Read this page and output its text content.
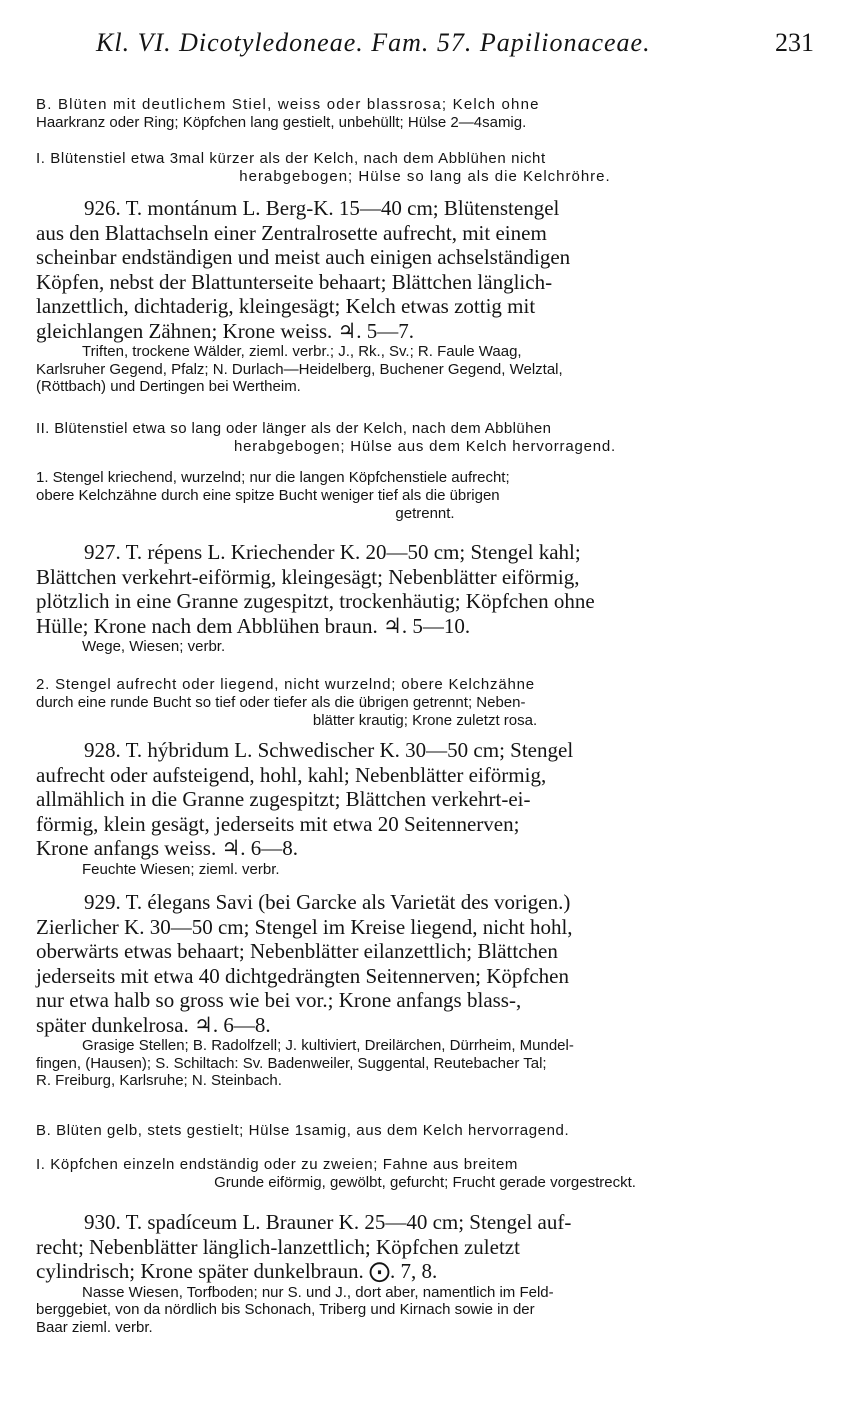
Kl. VI. Dicotyledoneae. Fam. 57. Papilionaceae.	231

B. Blüten mit deutlichem Stiel, weiss oder blassrosa; Kelch ohne

Haarkranz oder Ring; Köpfchen lang gestielt, unbehüllt; Hülse 2—4samig.

I. Blütenstiel etwa 3mal kürzer als der Kelch, nach dem Abblühen nicht

herabgebogen; Hülse so lang als die Kelchröhre.

926. T. montánum L. Berg-K. 15—40 cm; Blütenstengel

aus den Blattachseln einer Zentralrosette aufrecht, mit einem

scheinbar endständigen und meist auch einigen achselständigen

Köpfen, nebst der Blattunterseite behaart; Blättchen länglich-

lanzettlich, dichtaderig, kleingesägt; Kelch etwas zottig mit

gleichlangen Zähnen; Krone weiss. ♃. 5—7.

Triften, trockene Wälder, zieml. verbr.; J., Rk., Sv.; R. Faule Waag,

Karlsruher Gegend, Pfalz; N. Durlach—Heidelberg, Buchener Gegend, Welztal,

(Röttbach) und Dertingen bei Wertheim.

II. Blütenstiel etwa so lang oder länger als der Kelch, nach dem Abblühen

herabgebogen; Hülse aus dem Kelch hervorragend.

1. Stengel kriechend, wurzelnd; nur die langen Köpfchenstiele aufrecht;

obere Kelchzähne durch eine spitze Bucht weniger tief als die übrigen

getrennt.

927. T. répens L. Kriechender K. 20—50 cm; Stengel kahl;

Blättchen verkehrt-eiförmig, kleingesägt; Nebenblätter eiförmig,

plötzlich in eine Granne zugespitzt, trockenhäutig; Köpfchen ohne

Hülle; Krone nach dem Abblühen braun. ♃. 5—10.

Wege, Wiesen; verbr.

2. Stengel aufrecht oder liegend, nicht wurzelnd; obere Kelchzähne

durch eine runde Bucht so tief oder tiefer als die übrigen getrennt; Neben-

blätter krautig; Krone zuletzt rosa.

928. T. hýbridum L. Schwedischer K. 30—50 cm; Stengel

aufrecht oder aufsteigend, hohl, kahl; Nebenblätter eiförmig,

allmählich in die Granne zugespitzt; Blättchen verkehrt-ei-

förmig, klein gesägt, jederseits mit etwa 20 Seitennerven;

Krone anfangs weiss. ♃. 6—8.

Feuchte Wiesen; zieml. verbr.

929. T. élegans Savi (bei Garcke als Varietät des vorigen.)

Zierlicher K. 30—50 cm; Stengel im Kreise liegend, nicht hohl,

oberwärts etwas behaart; Nebenblätter eilanzettlich; Blättchen

jederseits mit etwa 40 dichtgedrängten Seitennerven; Köpfchen

nur etwa halb so gross wie bei vor.; Krone anfangs blass-,

später dunkelrosa. ♃. 6—8.

Grasige Stellen; B. Radolfzell; J. kultiviert, Dreilärchen, Dürrheim, Mundel-

fingen, (Hausen); S. Schiltach: Sv. Badenweiler, Suggental, Reutebacher Tal;

R. Freiburg, Karlsruhe; N. Steinbach.

B. Blüten gelb, stets gestielt; Hülse 1samig, aus dem Kelch hervorragend.

I. Köpfchen einzeln endständig oder zu zweien; Fahne aus breitem

Grunde eiförmig, gewölbt, gefurcht; Frucht gerade vorgestreckt.

930. T. spadíceum L. Brauner K. 25—40 cm; Stengel auf-

recht; Nebenblätter länglich-lanzettlich; Köpfchen zuletzt

cylindrisch; Krone später dunkelbraun. ⨀. 7, 8.

Nasse Wiesen, Torfboden; nur S. und J., dort aber, namentlich im Feld-

berggebiet, von da nördlich bis Schonach, Triberg und Kirnach sowie in der

Baar zieml. verbr.
